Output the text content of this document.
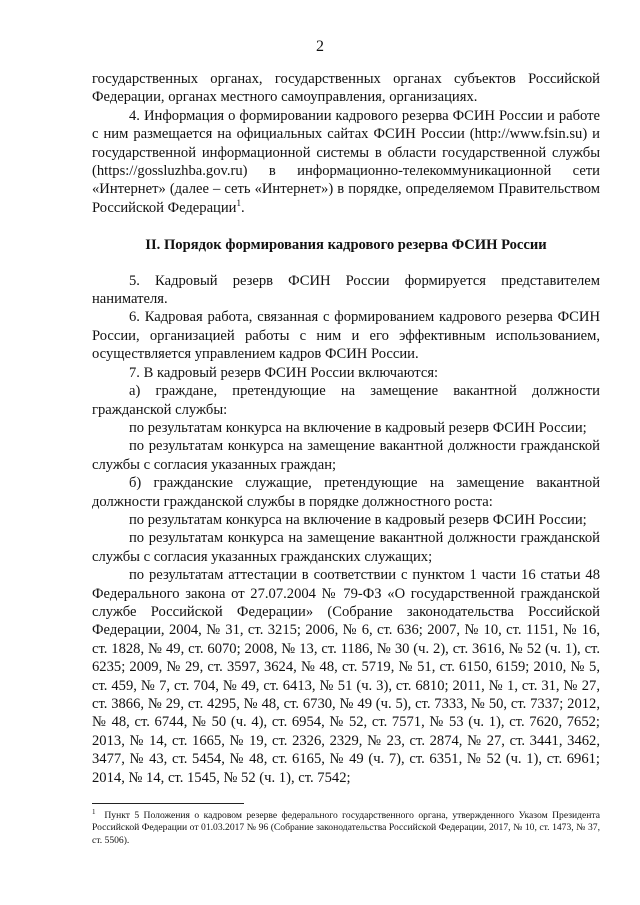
2

государственных органах, государственных органах субъектов Российской Федерации, органах местного самоуправления, организациях.

4. Информация о формировании кадрового резерва ФСИН России и работе с ним размещается на официальных сайтах ФСИН России (http://www.fsin.su) и государственной информационной системы в области государственной службы (https://gossluzhba.gov.ru) в информационно-телекоммуникационной сети «Интернет» (далее – сеть «Интернет») в порядке, определяемом Правительством Российской Федерации$^1$.

II. Порядок формирования кадрового резерва ФСИН России

5. Кадровый резерв ФСИН России формируется представителем нанимателя.

6. Кадровая работа, связанная с формированием кадрового резерва ФСИН России, организацией работы с ним и его эффективным использованием, осуществляется управлением кадров ФСИН России.

7. В кадровый резерв ФСИН России включаются:

а) граждане, претендующие на замещение вакантной должности гражданской службы:

по результатам конкурса на включение в кадровый резерв ФСИН России;

по результатам конкурса на замещение вакантной должности гражданской службы с согласия указанных граждан;

б) гражданские служащие, претендующие на замещение вакантной должности гражданской службы в порядке должностного роста:

по результатам конкурса на включение в кадровый резерв ФСИН России;

по результатам конкурса на замещение вакантной должности гражданской службы с согласия указанных гражданских служащих;

по результатам аттестации в соответствии с пунктом 1 части 16 статьи 48 Федерального закона от 27.07.2004 № 79-ФЗ «О государственной гражданской службе Российской Федерации» (Собрание законодательства Российской Федерации, 2004, № 31, ст. 3215; 2006, № 6, ст. 636; 2007, № 10, ст. 1151, № 16, ст. 1828, № 49, ст. 6070; 2008, № 13, ст. 1186, № 30 (ч. 2), ст. 3616, № 52 (ч. 1), ст. 6235; 2009, № 29, ст. 3597, 3624, № 48, ст. 5719, № 51, ст. 6150, 6159; 2010, № 5, ст. 459, № 7, ст. 704, № 49, ст. 6413, № 51 (ч. 3), ст. 6810; 2011, № 1, ст. 31, № 27, ст. 3866, № 29, ст. 4295, № 48, ст. 6730, № 49 (ч. 5), ст. 7333, № 50, ст. 7337; 2012, № 48, ст. 6744, № 50 (ч. 4), ст. 6954, № 52, ст. 7571, № 53 (ч. 1), ст. 7620, 7652; 2013, № 14, ст. 1665, № 19, ст. 2326, 2329, № 23, ст. 2874, № 27, ст. 3441, 3462, 3477, № 43, ст. 5454, № 48, ст. 6165, № 49 (ч. 7), ст. 6351, № 52 (ч. 1), ст. 6961; 2014, № 14, ст. 1545, № 52 (ч. 1), ст. 7542;

$^1$ Пункт 5 Положения о кадровом резерве федерального государственного органа, утвержденного Указом Президента Российской Федерации от 01.03.2017 № 96 (Собрание законодательства Российской Федерации, 2017, № 10, ст. 1473, № 37, ст. 5506).
